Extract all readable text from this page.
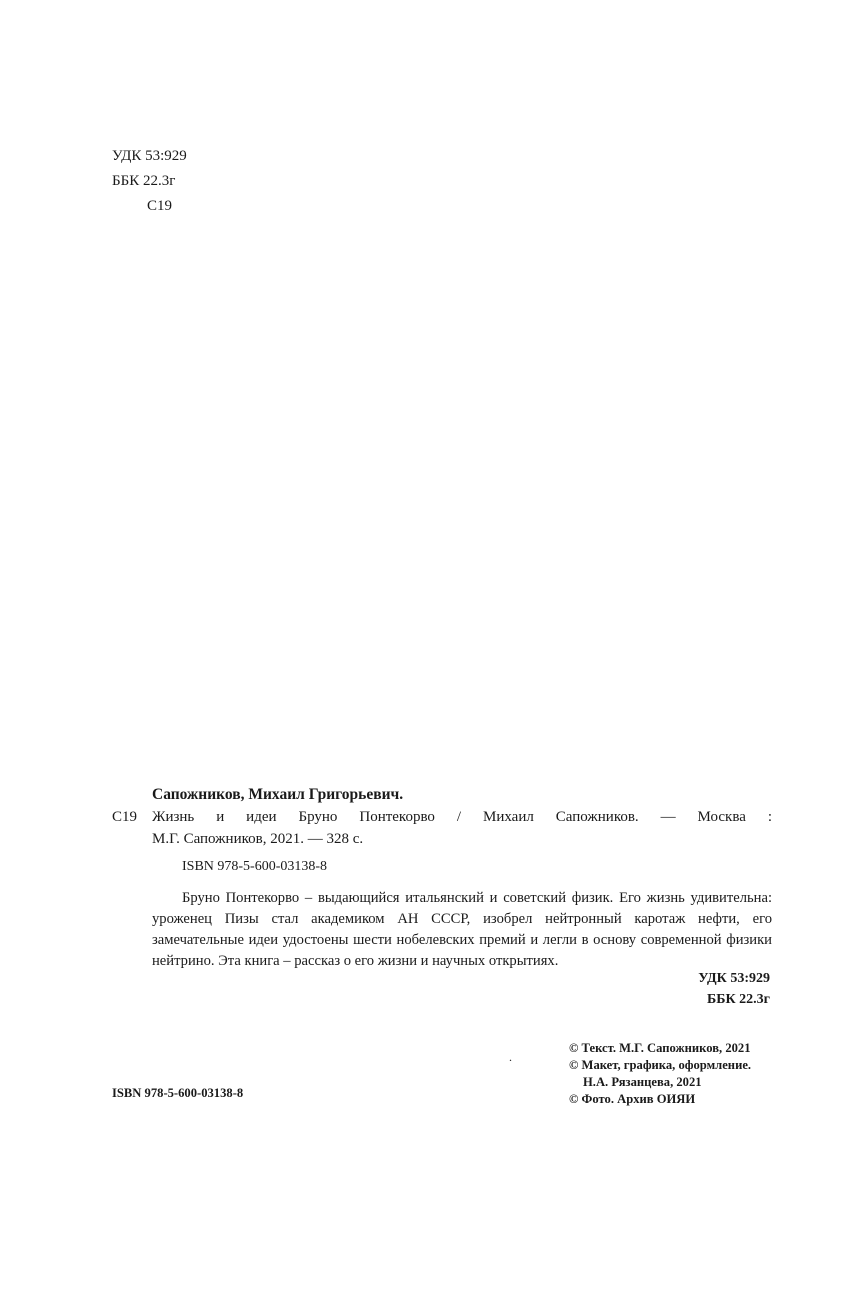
УДК 53:929
ББК 22.3г
С19
Сапожников, Михаил Григорьевич.
С19 Жизнь и идеи Бруно Понтекорво / Михаил Сапожников. — Москва :
М.Г. Сапожников, 2021. — 328 с.
ISBN 978-5-600-03138-8

Бруно Понтекорво – выдающийся итальянский и советский физик. Его жизнь удивительна: уроженец Пизы стал академиком АН СССР, изобрел нейтронный каротаж нефти, его замечательные идеи удостоены шести нобелевских премий и легли в основу современной физики нейтрино. Эта книга – рассказ о его жизни и научных открытиях.

УДК 53:929
ББК 22.3г
.
© Текст. М.Г. Сапожников, 2021
© Макет, графика, оформление.
Н.А. Рязанцева, 2021
© Фото. Архив ОИЯИ
ISBN 978-5-600-03138-8
